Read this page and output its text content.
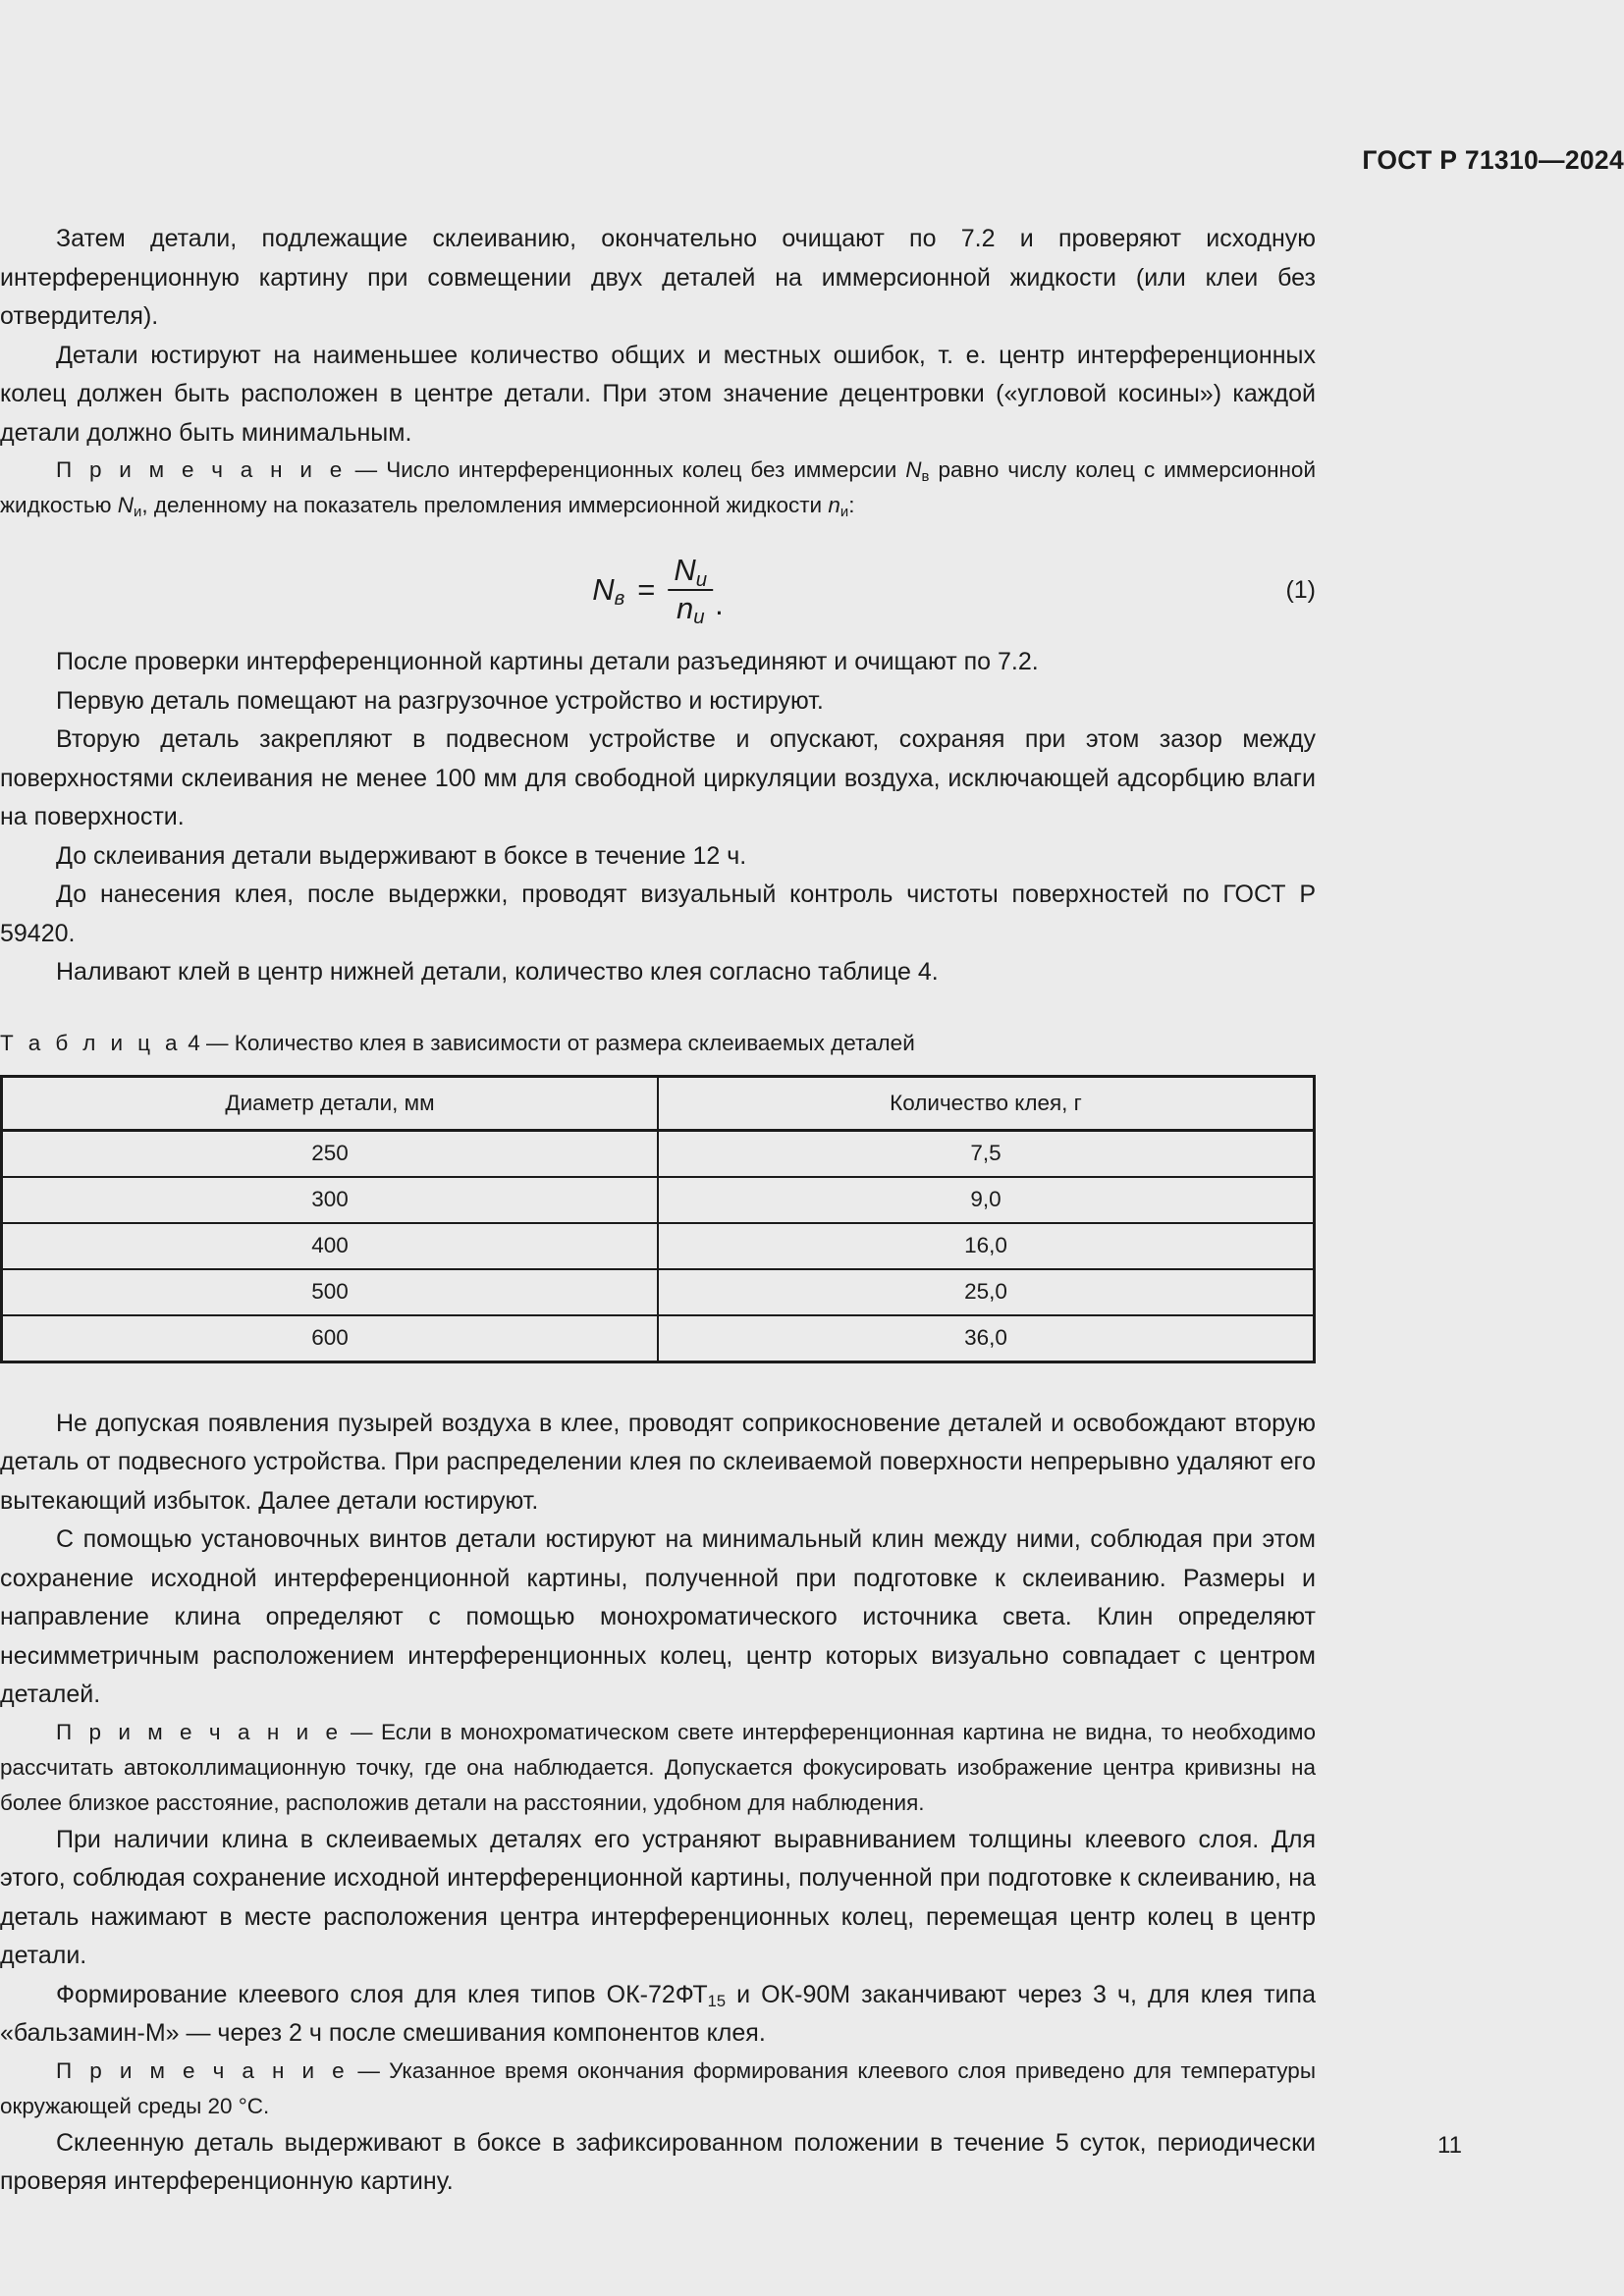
ГОСТ Р 71310—2024

Затем детали, подлежащие склеиванию, окончательно очищают по 7.2 и проверяют исходную интерференционную картину при совмещении двух деталей на иммерсионной жидкости (или клеи без отвердителя).

Детали юстируют на наименьшее количество общих и местных ошибок, т. е. центр интерференционных колец должен быть расположен в центре детали. При этом значение децентровки («угловой косины») каждой детали должно быть минимальным.

П р и м е ч а н и е — Число интерференционных колец без иммерсии $N_в$ равно числу колец с иммерсионной жидкостью $N_и$, деленному на показатель преломления иммерсионной жидкости $n_и$:

$N_в = \frac{N_и}{n_и}$ .	(1)

После проверки интерференционной картины детали разъединяют и очищают по 7.2.

Первую деталь помещают на разгрузочное устройство и юстируют.

Вторую деталь закрепляют в подвесном устройстве и опускают, сохраняя при этом зазор между поверхностями склеивания не менее 100 мм для свободной циркуляции воздуха, исключающей адсорбцию влаги на поверхности.

До склеивания детали выдерживают в боксе в течение 12 ч.

До нанесения клея, после выдержки, проводят визуальный контроль чистоты поверхностей по ГОСТ Р 59420.

Наливают клей в центр нижней детали, количество клея согласно таблице 4.

Т а б л и ц а 4 — Количество клея в зависимости от размера склеиваемых деталей

Диаметр детали, мм	Количество клея, г
250	7,5
300	9,0
400	16,0
500	25,0
600	36,0

Не допуская появления пузырей воздуха в клее, проводят соприкосновение деталей и освобождают вторую деталь от подвесного устройства. При распределении клея по склеиваемой поверхности непрерывно удаляют его вытекающий избыток. Далее детали юстируют.

С помощью установочных винтов детали юстируют на минимальный клин между ними, соблюдая при этом сохранение исходной интерференционной картины, полученной при подготовке к склеиванию. Размеры и направление клина определяют с помощью монохроматического источника света. Клин определяют несимметричным расположением интерференционных колец, центр которых визуально совпадает с центром деталей.

П р и м е ч а н и е — Если в монохроматическом свете интерференционная картина не видна, то необходимо рассчитать автоколлимационную точку, где она наблюдается. Допускается фокусировать изображение центра кривизны на более близкое расстояние, расположив детали на расстоянии, удобном для наблюдения.

При наличии клина в склеиваемых деталях его устраняют выравниванием толщины клеевого слоя. Для этого, соблюдая сохранение исходной интерференционной картины, полученной при подготовке к склеиванию, на деталь нажимают в месте расположения центра интерференционных колец, перемещая центр колец в центр детали.

Формирование клеевого слоя для клея типов $ОК-72ФТ_{15}$ и ОК-90М заканчивают через 3 ч, для клея типа «бальзамин-М» — через 2 ч после смешивания компонентов клея.

П р и м е ч а н и е — Указанное время окончания формирования клеевого слоя приведено для температуры окружающей среды 20 °C.

Склеенную деталь выдерживают в боксе в зафиксированном положении в течение 5 суток, периодически проверяя интерференционную картину.

11
